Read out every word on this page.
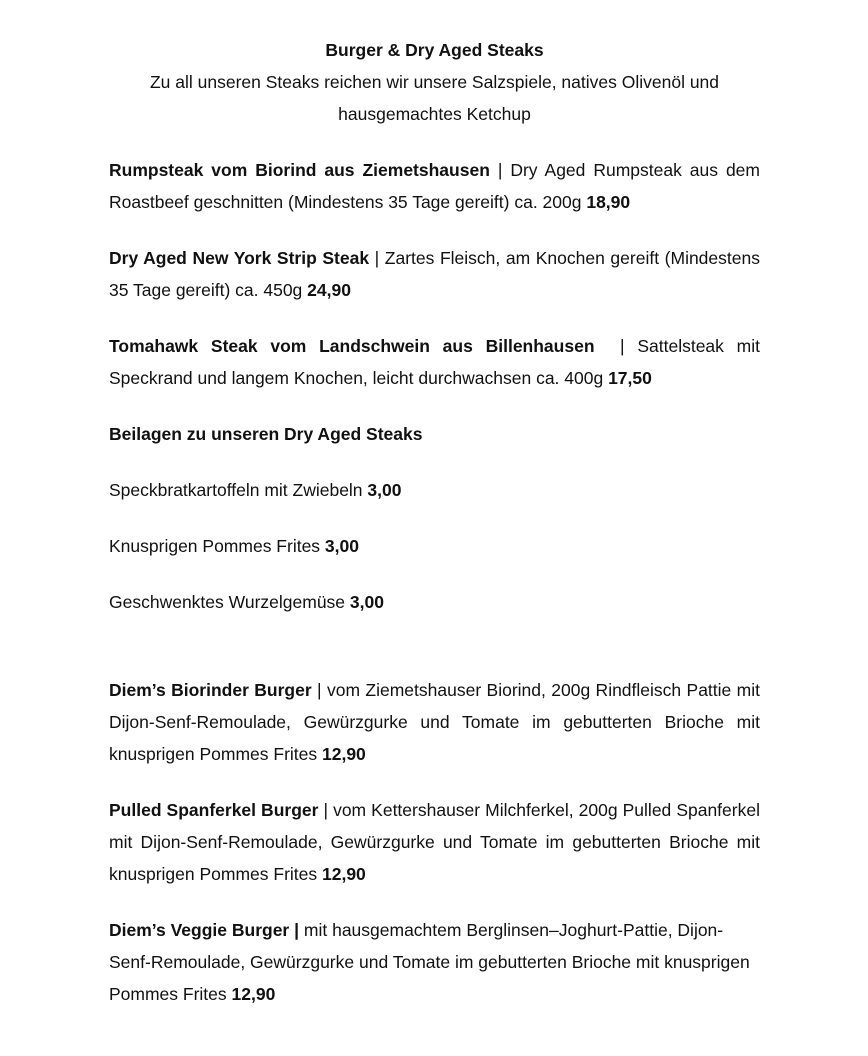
Burger & Dry Aged Steaks
Zu all unseren Steaks reichen wir unsere Salzspiele, natives Olivenöl und hausgemachtes Ketchup
Rumpsteak vom Biorind aus Ziemetshausen | Dry Aged Rumpsteak aus dem Roastbeef geschnitten (Mindestens 35 Tage gereift) ca. 200g 18,90
Dry Aged New York Strip Steak | Zartes Fleisch, am Knochen gereift (Mindestens 35 Tage gereift) ca. 450g 24,90
Tomahawk Steak vom Landschwein aus Billenhausen  | Sattelsteak mit Speckrand und langem Knochen, leicht durchwachsen ca. 400g 17,50
Beilagen zu unseren Dry Aged Steaks
Speckbratkartoffeln mit Zwiebeln 3,00
Knusprigen Pommes Frites 3,00
Geschwenktes Wurzelgemüse 3,00
Diem’s Biorinder Burger | vom Ziemetshauser Biorind, 200g Rindfleisch Pattie mit Dijon-Senf-Remoulade, Gewürzgurke und Tomate im gebutterten Brioche mit knusprigen Pommes Frites 12,90
Pulled Spanferkel Burger | vom Kettershauser Milchferkel, 200g Pulled Spanferkel mit Dijon-Senf-Remoulade, Gewürzgurke und Tomate im gebutterten Brioche mit knusprigen Pommes Frites 12,90
Diem’s Veggie Burger | mit hausgemachtem Berglinsen–Joghurt-Pattie, Dijon-Senf-Remoulade, Gewürzgurke und Tomate im gebutterten Brioche mit knusprigen Pommes Frites 12,90
